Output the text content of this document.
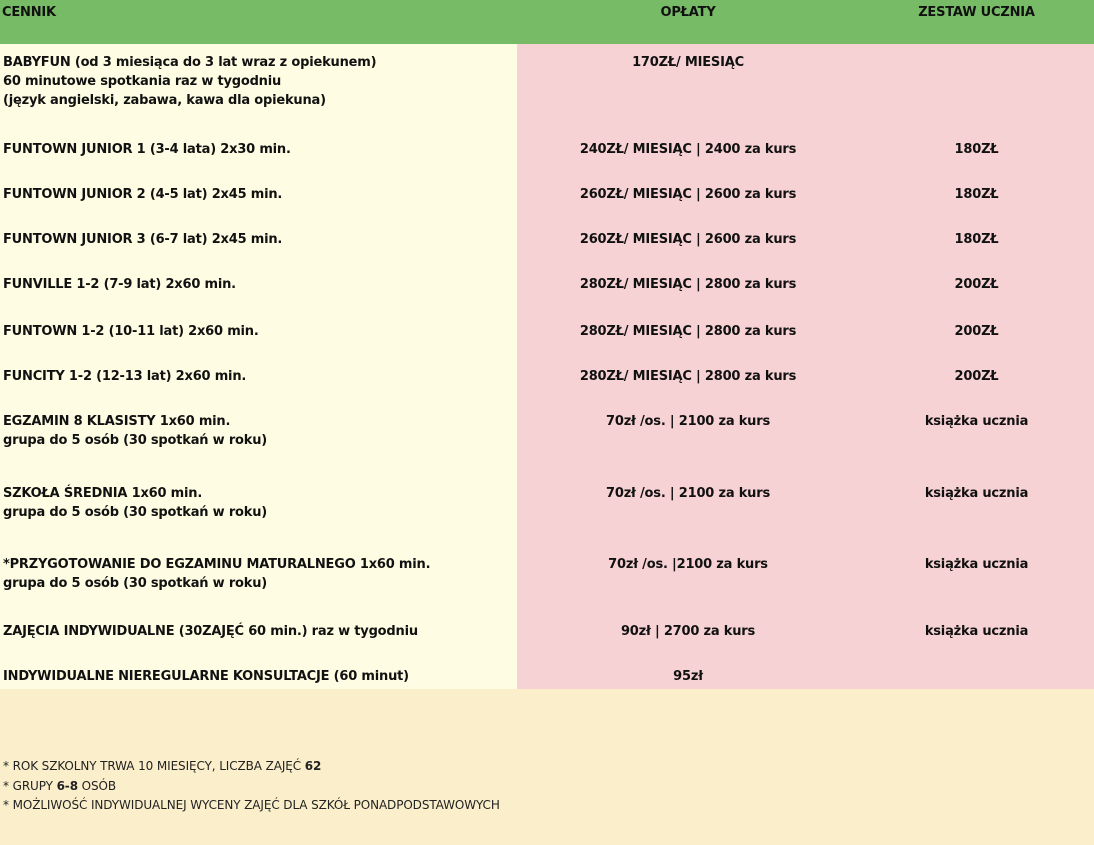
CENNIK	OPŁATY	ZESTAW UCZNIA
BABYFUN (od 3 miesiąca do 3 lat wraz z opiekunem)
60 minutowe spotkania raz w tygodniu
(język angielski, zabawa, kawa dla opiekuna)
170ZŁ/ MIESIĄC
FUNTOWN JUNIOR 1 (3-4 lata) 2x30 min.	240ZŁ/ MIESIĄC | 2400 za kurs	180ZŁ
FUNTOWN JUNIOR 2 (4-5 lat) 2x45 min.	260ZŁ/ MIESIĄC | 2600 za kurs	180ZŁ
FUNTOWN JUNIOR 3 (6-7 lat) 2x45 min.	260ZŁ/ MIESIĄC | 2600 za kurs	180ZŁ
FUNVILLE 1-2 (7-9 lat) 2x60 min.	280ZŁ/ MIESIĄC | 2800 za kurs	200ZŁ
FUNTOWN 1-2 (10-11 lat) 2x60 min.	280ZŁ/ MIESIĄC | 2800 za kurs	200ZŁ
FUNCITY 1-2 (12-13 lat) 2x60 min.	280ZŁ/ MIESIĄC | 2800 za kurs	200ZŁ
EGZAMIN 8 KLASISTY 1x60 min.
grupa do 5 osób (30 spotkań w roku)
70zł /os. | 2100 za kurs	książka ucznia
SZKOŁA ŚREDNIA 1x60 min.
grupa do 5 osób (30 spotkań w roku)
70zł /os. | 2100 za kurs	książka ucznia
*PRZYGOTOWANIE DO EGZAMINU MATURALNEGO 1x60 min.
grupa do 5 osób (30 spotkań w roku)
70zł /os. |2100 za kurs	książka ucznia
ZAJĘCIA INDYWIDUALNE (30ZAJĘĆ 60 min.) raz w tygodniu	90zł | 2700 za kurs	książka ucznia
INDYWIDUALNE NIEREGULARNE KONSULTACJE (60 minut)	95zł
* ROK SZKOLNY TRWA 10 MIESIĘCY, LICZBA ZAJĘĆ 62
* GRUPY 6-8 OSÓB
* MOŻLIWOŚĆ INDYWIDUALNEJ WYCENY ZAJĘĆ DLA SZKÓŁ PONADPODSTAWOWYCH
